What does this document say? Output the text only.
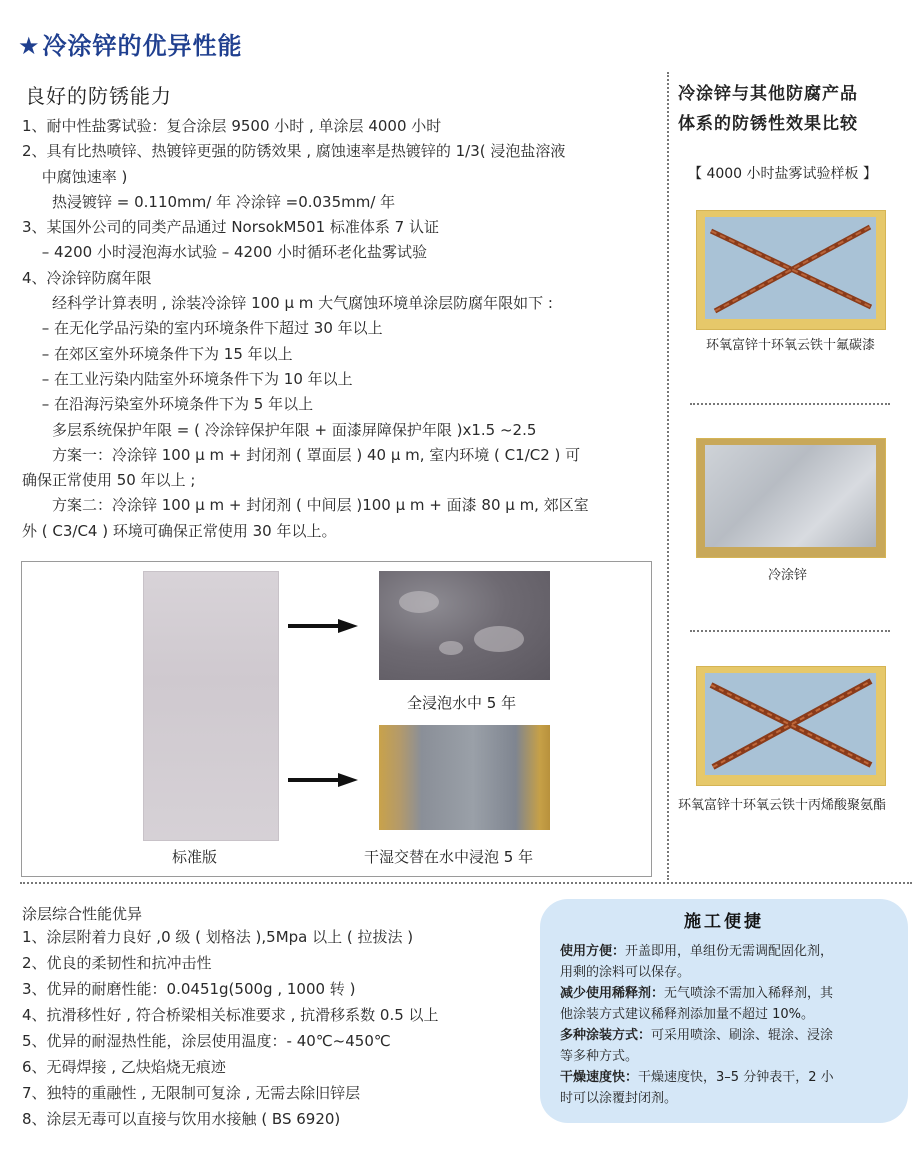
★冷涂锌的优异性能
良好的防锈能力
1、耐中性盐雾试验：复合涂层 9500 小时 , 单涂层 4000 小时
2、具有比热喷锌、热镀锌更强的防锈效果 , 腐蚀速率是热镀锌的 1/3( 浸泡盐溶液
　 中腐蚀速率 )
　　热浸镀锌 = 0.110mm/ 年 冷涂锌 =0.035mm/ 年
3、某国外公司的同类产品通过 NorsokM501 标准体系 7 认证
　 – 4200 小时浸泡海水试验 – 4200 小时循环老化盐雾试验
4、冷涂锌防腐年限
　　经科学计算表明 , 涂装冷涂锌 100 μ m 大气腐蚀环境单涂层防腐年限如下 :
　 – 在无化学品污染的室内环境条件下超过 30 年以上
　 – 在郊区室外环境条件下为 15 年以上
　 – 在工业污染内陆室外环境条件下为 10 年以上
　 – 在沿海污染室外环境条件下为 5 年以上
　　多层系统保护年限 = ( 冷涂锌保护年限 + 面漆屏障保护年限 )x1.5 ~2.5
　　方案一：冷涂锌 100 μ m + 封闭剂 ( 罩面层 ) 40 μ m, 室内环境 ( C1/C2 ) 可
确保正常使用 50 年以上 ;
　　方案二：冷涂锌 100 μ m + 封闭剂 ( 中间层 )100 μ m + 面漆 80 μ m, 郊区室
外 ( C3/C4 ) 环境可确保正常使用 30 年以上。
标准版
全浸泡水中 5 年
干湿交替在水中浸泡 5 年
冷涂锌与其他防腐产品
体系的防锈性效果比较
【 4000 小时盐雾试验样板 】
环氧富锌十环氧云铁十氟碳漆
冷涂锌
环氧富锌十环氧云铁十丙烯酸聚氨酯
涂层综合性能优异
1、涂层附着力良好 ,0 级 ( 划格法 ),5Mpa 以上 ( 拉拔法 )
2、优良的柔韧性和抗冲击性
3、优异的耐磨性能：0.0451g(500g , 1000 转 )
4、抗滑移性好 , 符合桥梁相关标准要求 , 抗滑移系数 0.5 以上
5、优异的耐湿热性能，涂层使用温度：- 40℃~450℃
6、无碍焊接 , 乙炔焰烧无痕迹
7、独特的重融性 , 无限制可复涂 , 无需去除旧锌层
8、涂层无毒可以直接与饮用水接触 ( BS 6920)
施工便捷
使用方便：开盖即用，单组份无需调配固化剂，
用剩的涂料可以保存。
减少使用稀释剂：无气喷涂不需加入稀释剂，其
他涂装方式建议稀释剂添加量不超过 10%。
多种涂装方式：可采用喷涂、刷涂、辊涂、浸涂
等多种方式。
干燥速度快：干燥速度快，3–5 分钟表干，2 小
时可以涂覆封闭剂。
